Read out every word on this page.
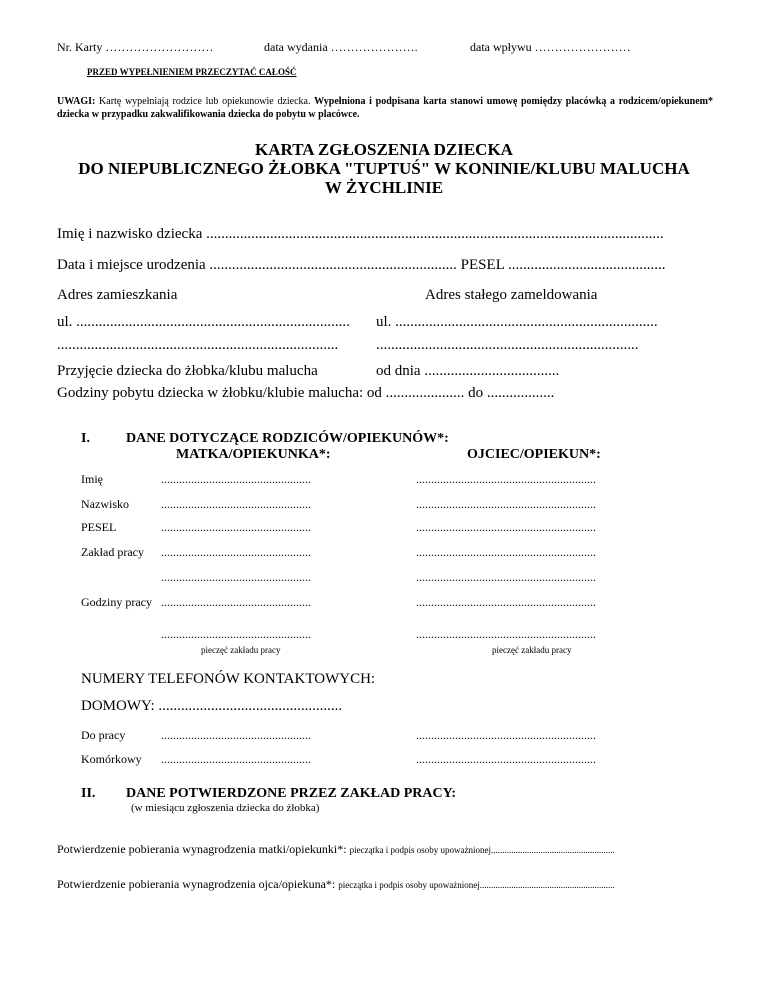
Nr. Karty ………………………	data wydania ………………….	data wpływu ……………………
PRZED WYPEŁNIENIEM PRZECZYTAĆ CAŁOŚĆ
UWAGI: Kartę wypełniają rodzice lub opiekunowie dziecka. Wypełniona i podpisana karta stanowi umowę pomiędzy placówką a rodzicem/opiekunem* dziecka w przypadku zakwalifikowania dziecka do pobytu w placówce.
KARTA ZGŁOSZENIA DZIECKA
DO NIEPUBLICZNEGO ŻŁOBKA "TUPTUŚ" W KONINIE/KLUBU MALUCHA
W ŻYCHLINIE
Imię i nazwisko dziecka ..........................................................................................................................
Data i miejsce urodzenia .................................................................. PESEL ..........................................
Adres zamieszkania	Adres stałego zameldowania
ul. ......................................................................... ul. ......................................................................
...........................................................................	......................................................................
Przyjęcie dziecka do żłobka/klubu malucha	od dnia ....................................
Godziny pobytu dziecka w żłobku/klubie malucha: od ..................... do ..................
I.	DANE DOTYCZĄCE RODZICÓW/OPIEKUNÓW*:
MATKA/OPIEKUNKA*:	OJCIEC/OPIEKUN*:
Imię	..................................................	............................................................
Nazwisko	..................................................	............................................................
PESEL	..................................................	............................................................
Zakład pracy ..................................................	............................................................
..................................................	............................................................
Godziny pracy ..................................................	............................................................
..................................................	............................................................
pieczęć zakładu pracy	pieczęć zakładu pracy
NUMERY TELEFONÓW KONTAKTOWYCH:
DOMOWY: .................................................
Do pracy	..................................................	............................................................
Komórkowy ..................................................	............................................................
II. DANE POTWIERDZONE PRZEZ ZAKŁAD PRACY:
(w miesiącu zgłoszenia dziecka do żłobka)
Potwierdzenie pobierania wynagrodzenia matki/opiekunki*: pieczątka i podpis osoby upoważnionej.......................................................
Potwierdzenie pobierania wynagrodzenia ojca/opiekuna*: pieczątka i podpis osoby upoważnionej............................................................
